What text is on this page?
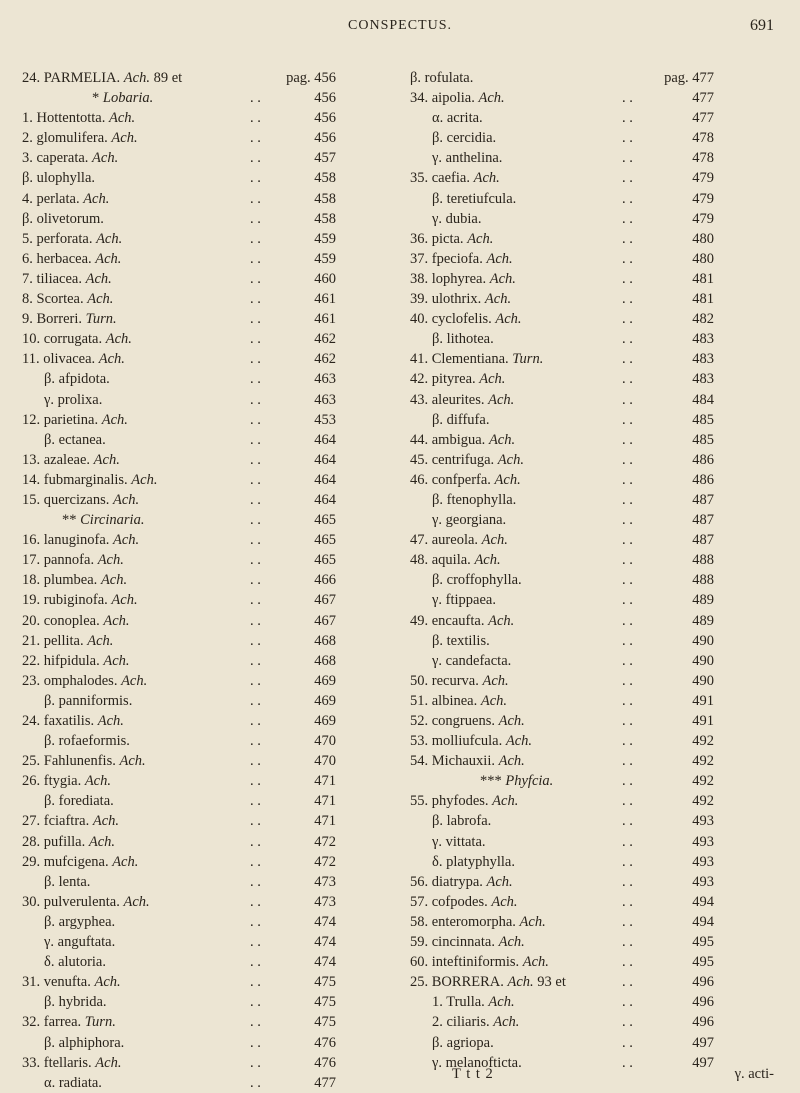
CONSPECTUS.	691
24. PARMELIA. Ach. 89 et	pag. 456
* Lobaria.	. .	456
1. Hottentotta. Ach.	. .	456
2. glomulifera. Ach.	. .	456
3. caperata. Ach.	. .	457
β. ulophylla.	. .	458
4. perlata. Ach.	. .	458
β. olivetorum.	. .	458
5. perforata. Ach.	. .	459
6. herbacea. Ach.	. .	459
7. tiliacea. Ach.	. .	460
8. Scortea. Ach.	. .	461
9. Borreri. Turn.	. .	461
10. corrugata. Ach.	. .	462
11. olivacea. Ach.	. .	462
β. afpidota.	. .	463
γ. prolixa.	. .	463
12. parietina. Ach.	. .	453
β. ectanea.	. .	464
13. azaleae. Ach.	. .	464
14. fubmarginalis. Ach.	. .	464
15. quercizans. Ach.	. .	464
** Circinaria.	. .	465
16. lanuginofa. Ach.	. .	465
17. pannofa. Ach.	. .	465
18. plumbea. Ach.	. .	466
19. rubiginofa. Ach.	. .	467
20. conoplea. Ach.	. .	467
21. pellita. Ach.	. .	468
22. hifpidula. Ach.	. .	468
23. omphalodes. Ach.	. .	469
β. panniformis.	. .	469
24. faxatilis. Ach.	. .	469
β. rofaeformis.	. .	470
25. Fahlunenfis. Ach.	. .	470
26. ftygia. Ach.	. .	471
β. forediata.	. .	471
27. fciaftra. Ach.	. .	471
28. pufilla. Ach.	. .	472
29. mufcigena. Ach.	. .	472
β. lenta.	. .	473
30. pulverulenta. Ach.	. .	473
β. argyphea.	. .	474
γ. anguftata.	. .	474
δ. alutoria.	. .	474
31. venufta. Ach.	. .	475
β. hybrida.	. .	475
32. farrea. Turn.	. .	475
β. alphiphora.	. .	476
33. ftellaris. Ach.	. .	476
α. radiata.	. .	477
β. rofulata.	pag. 477
34. aipolia. Ach.	. .	477
α. acrita.	. .	477
β. cercidia.	. .	478
γ. anthelina.	. .	478
35. caefia. Ach.	. .	479
β. teretiufcula.	. .	479
γ. dubia.	. .	479
36. picta. Ach.	. .	480
37. fpeciofa. Ach.	. .	480
38. lophyrea. Ach.	. .	481
39. ulothrix. Ach.	. .	481
40. cyclofelis. Ach.	. .	482
β. lithotea.	. .	483
41. Clementiana. Turn.	. .	483
42. pityrea. Ach.	. .	483
43. aleurites. Ach.	. .	484
β. diffufa.	. .	485
44. ambigua. Ach.	. .	485
45. centrifuga. Ach.	. .	486
46. confperfa. Ach.	. .	486
β. ftenophylla.	. .	487
γ. georgiana.	. .	487
47. aureola. Ach.	. .	487
48. aquila. Ach.	. .	488
β. croffophylla.	. .	488
γ. ftippaea.	. .	489
49. encaufta. Ach.	. .	489
β. textilis.	. .	490
γ. candefacta.	. .	490
50. recurva. Ach.	. .	490
51. albinea. Ach.	. .	491
52. congruens. Ach.	. .	491
53. molliufcula. Ach.	. .	492
54. Michauxii. Ach.	. .	492
*** Phyfcia.	. .	492
55. phyfodes. Ach.	. .	492
β. labrofa.	. .	493
γ. vittata.	. .	493
δ. platyphylla.	. .	493
56. diatrypa. Ach.	. .	493
57. cofpodes. Ach.	. .	494
58. enteromorpha. Ach.	. .	494
59. cincinnata. Ach.	. .	495
60. inteftiniformis. Ach.	. .	495
25. BORRERA. Ach. 93 et	. .	496
1. Trulla. Ach.	. .	496
2. ciliaris. Ach.	. .	496
β. agriopa.	. .	497
γ. melanofticta.	. .	497
T t t 2	γ. acti-
